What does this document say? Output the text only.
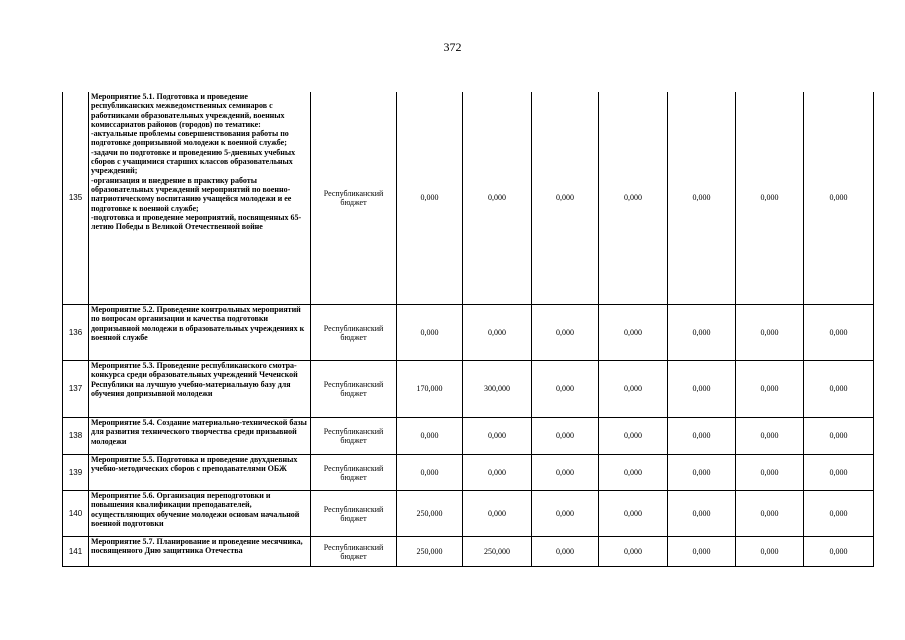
372
135	Мероприятие 5.1. Подготовка и проведение республиканских межведомственных семинаров с работниками образовательных учреждений, военных комиссариатов районов (городов) по тематике:
-актуальные проблемы совершенствования работы по подготовке допризывной молодежи к военной службе;
-задачи по подготовке и проведению 5-дневных учебных сборов с учащимися старших классов образовательных учреждений;
-организация и внедрение в практику работы образовательных учреждений мероприятий по военно-патриотическому воспитанию учащейся молодежи и ее подготовке к военной службе;
-подготовка и проведение мероприятий, посвященных 65-летию Победы в Великой Отечественной войне	Республиканский бюджет	0,000	0,000	0,000	0,000	0,000	0,000	0,000
136	Мероприятие 5.2. Проведение контрольных мероприятий по вопросам организации и качества подготовки допризывной молодежи в образовательных учреждениях к военной службе	Республиканский бюджет	0,000	0,000	0,000	0,000	0,000	0,000	0,000
137	Мероприятие 5.3. Проведение республиканского смотра-конкурса среди образовательных учреждений Чеченской Республики на лучшую учебно-материальную базу для обучения допризывной молодежи	Республиканский бюджет	170,000	300,000	0,000	0,000	0,000	0,000	0,000
138	Мероприятие 5.4. Создание материально-технической базы для развития технического творчества среди призывной молодежи	Республиканский бюджет	0,000	0,000	0,000	0,000	0,000	0,000	0,000
139	Мероприятие 5.5. Подготовка и проведение двухдневных учебно-методических сборов с преподавателями ОБЖ	Республиканский бюджет	0,000	0,000	0,000	0,000	0,000	0,000	0,000
140	Мероприятие 5.6. Организация переподготовки и повышения квалификации преподавателей, осуществляющих обучение молодежи основам начальной военной подготовки	Республиканский бюджет	250,000	0,000	0,000	0,000	0,000	0,000	0,000
141	Мероприятие 5.7. Планирование и проведение месячника, посвященного Дню защитника Отечества	Республиканский бюджет	250,000	250,000	0,000	0,000	0,000	0,000	0,000
